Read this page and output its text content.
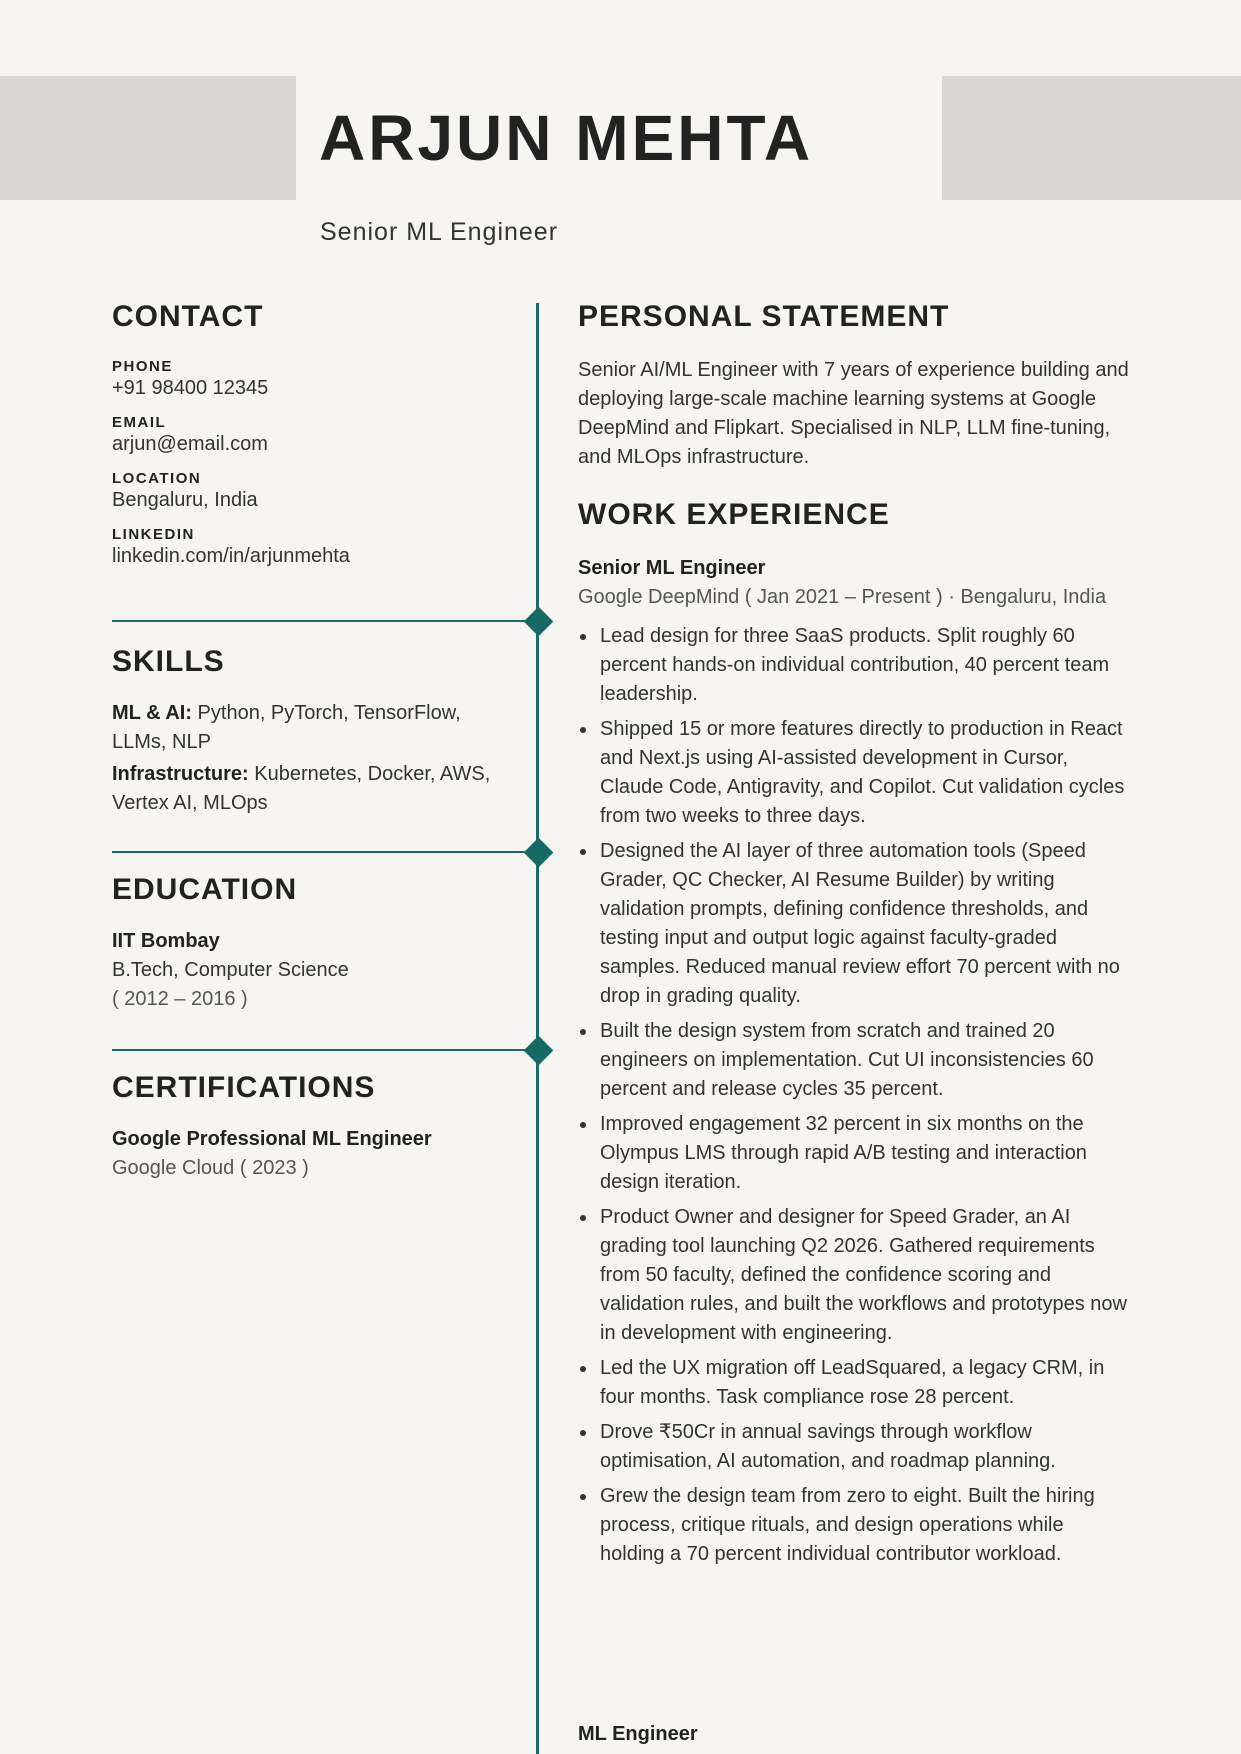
ARJUN MEHTA
Senior ML Engineer
CONTACT
PHONE
+91 98400 12345
EMAIL
arjun@email.com
LOCATION
Bengaluru, India
LINKEDIN
linkedin.com/in/arjunmehta
SKILLS

ML & AI: Python, PyTorch, TensorFlow, LLMs, NLP

Infrastructure: Kubernetes, Docker, AWS, Vertex AI, MLOps

EDUCATION
IIT Bombay
B.Tech, Computer Science
( 2012 – 2016 )
CERTIFICATIONS
Google Professional ML Engineer
Google Cloud ( 2023 )
PERSONAL STATEMENT

Senior AI/ML Engineer with 7 years of experience building and deploying large-scale machine learning systems at Google DeepMind and Flipkart. Specialised in NLP, LLM fine-tuning, and MLOps infrastructure.

WORK EXPERIENCE
Senior ML Engineer
Google DeepMind ( Jan 2021 – Present ) · Bengaluru, India
Lead design for three SaaS products. Split roughly 60 percent hands-on individual contribution, 40 percent team leadership.
Shipped 15 or more features directly to production in React and Next.js using AI-assisted development in Cursor, Claude Code, Antigravity, and Copilot. Cut validation cycles from two weeks to three days.
Designed the AI layer of three automation tools (Speed Grader, QC Checker, AI Resume Builder) by writing validation prompts, defining confidence thresholds, and testing input and output logic against faculty-graded samples. Reduced manual review effort 70 percent with no drop in grading quality.
Built the design system from scratch and trained 20 engineers on implementation. Cut UI inconsistencies 60 percent and release cycles 35 percent.
Improved engagement 32 percent in six months on the Olympus LMS through rapid A/B testing and interaction design iteration.
Product Owner and designer for Speed Grader, an AI grading tool launching Q2 2026. Gathered requirements from 50 faculty, defined the confidence scoring and validation rules, and built the workflows and prototypes now in development with engineering.
Led the UX migration off LeadSquared, a legacy CRM, in four months. Task compliance rose 28 percent.
Drove ₹50Cr in annual savings through workflow optimisation, AI automation, and roadmap planning.
Grew the design team from zero to eight. Built the hiring process, critique rituals, and design operations while holding a 70 percent individual contributor workload.
ML Engineer
